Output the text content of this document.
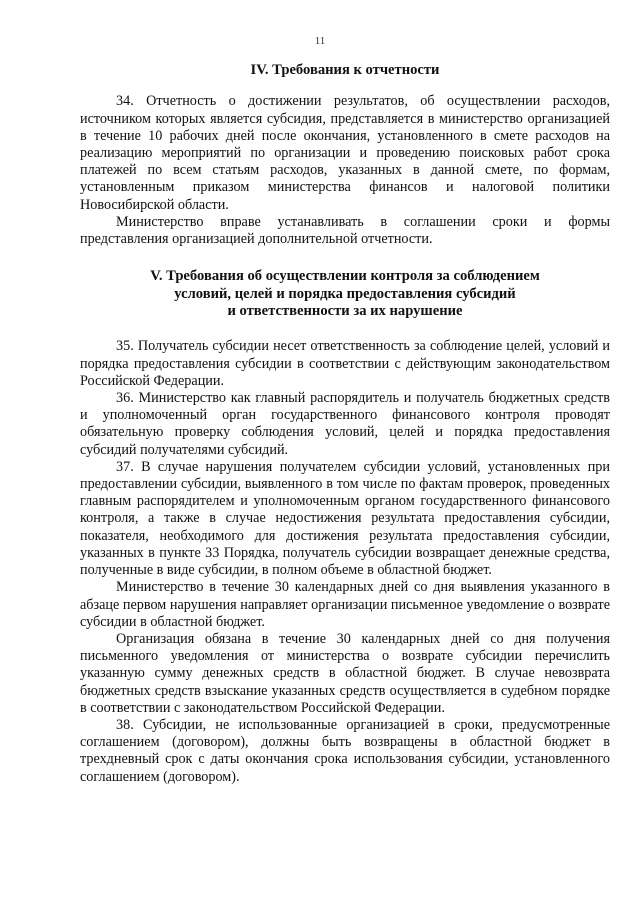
11
IV. Требования к отчетности

34. Отчетность о достижении результатов, об осуществлении расходов, источником которых является субсидия, представляется в министерство организацией в течение 10 рабочих дней после окончания, установленного в смете расходов на реализацию мероприятий по организации и проведению поисковых работ срока платежей по всем статьям расходов, указанных в данной смете, по формам, установленным приказом министерства финансов и налоговой политики Новосибирской области.

Министерство вправе устанавливать в соглашении сроки и формы представления организацией дополнительной отчетности.

V. Требования об осуществлении контроля за соблюдением
условий, целей и порядка предоставления субсидий
и ответственности за их нарушение

35. Получатель субсидии несет ответственность за соблюдение целей, условий и порядка предоставления субсидии в соответствии с действующим законодательством Российской Федерации.

36. Министерство как главный распорядитель и получатель бюджетных средств и уполномоченный орган государственного финансового контроля проводят обязательную проверку соблюдения условий, целей и порядка предоставления субсидий получателями субсидий.

37. В случае нарушения получателем субсидии условий, установленных при предоставлении субсидии, выявленного в том числе по фактам проверок, проведенных главным распорядителем и уполномоченным органом государственного финансового контроля, а также в случае недостижения результата предоставления субсидии, показателя, необходимого для достижения результата предоставления субсидии, указанных в пункте 33 Порядка, получатель субсидии возвращает денежные средства, полученные в виде субсидии, в полном объеме в областной бюджет.

Министерство в течение 30 календарных дней со дня выявления указанного в абзаце первом нарушения направляет организации письменное уведомление о возврате субсидии в областной бюджет.

Организация обязана в течение 30 календарных дней со дня получения письменного уведомления от министерства о возврате субсидии перечислить указанную сумму денежных средств в областной бюджет. В случае невозврата бюджетных средств взыскание указанных средств осуществляется в судебном порядке в соответствии с законодательством Российской Федерации.

38. Субсидии, не использованные организацией в сроки, предусмотренные соглашением (договором), должны быть возвращены в областной бюджет в трехдневный срок с даты окончания срока использования субсидии, установленного соглашением (договором).
